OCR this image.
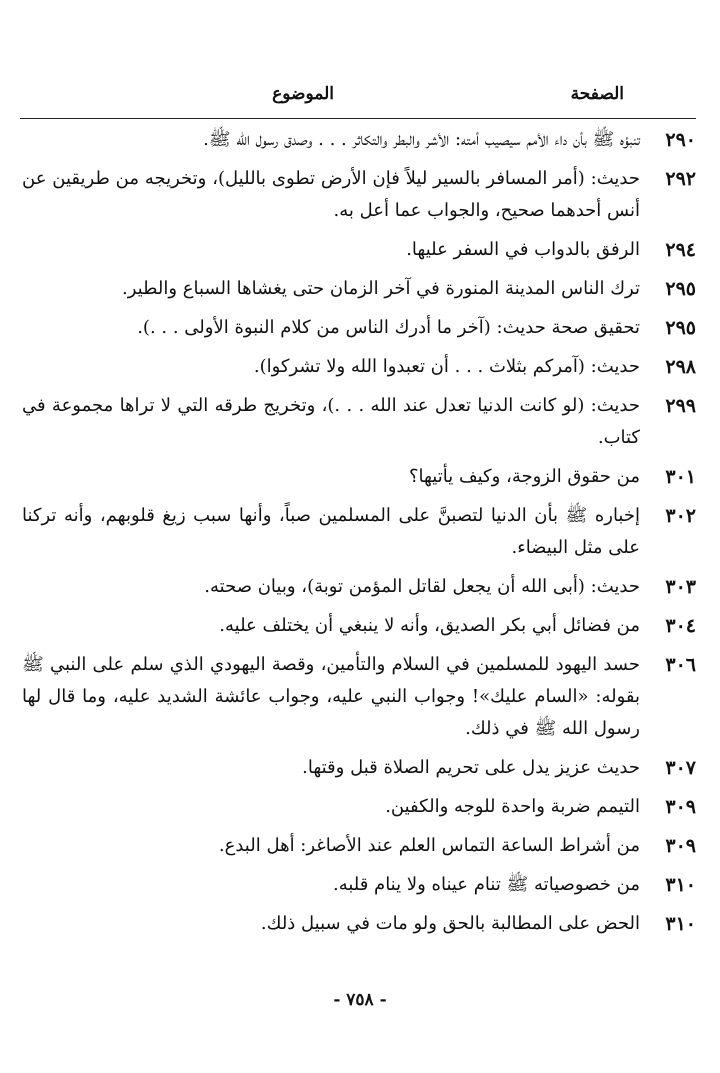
الصفحة
الموضوع
٢٩٠
تنبؤه ﷺ بأن داء الأمم سيصيب أمته: الأشر والبطر والتكاثر . . . وصدق رسول الله ﷺ.
٢٩٢
حديث: (أمر المسافر بالسير ليلاً فإن الأرض تطوى بالليل)، وتخريجه من طريقين عن أنس أحدهما صحيح، والجواب عما أعل به.
٢٩٤
الرفق بالدواب في السفر عليها.
٢٩٥
ترك الناس المدينة المنورة في آخر الزمان حتى يغشاها السباع والطير.
٢٩٥
تحقيق صحة حديث: (آخر ما أدرك الناس من كلام النبوة الأولى . . .).
٢٩٨
حديث: (آمركم بثلاث . . . أن تعبدوا الله ولا تشركوا).
٢٩٩
حديث: (لو كانت الدنيا تعدل عند الله . . .)، وتخريج طرقه التي لا تراها مجموعة في كتاب.
٣٠١
من حقوق الزوجة، وكيف يأتيها؟
٣٠٢
إخباره ﷺ بأن الدنيا لتصبنَّ على المسلمين صباً، وأنها سبب زيغ قلوبهم، وأنه تركنا على مثل البيضاء.
٣٠٣
حديث: (أبى الله أن يجعل لقاتل المؤمن توبة)، وبيان صحته.
٣٠٤
من فضائل أبي بكر الصديق، وأنه لا ينبغي أن يختلف عليه.
٣٠٦
حسد اليهود للمسلمين في السلام والتأمين، وقصة اليهودي الذي سلم على النبي ﷺ بقوله: «السام عليك»! وجواب النبي عليه، وجواب عائشة الشديد عليه، وما قال لها رسول الله ﷺ في ذلك.
٣٠٧
حديث عزيز يدل على تحريم الصلاة قبل وقتها.
٣٠٩
التيمم ضربة واحدة للوجه والكفين.
٣٠٩
من أشراط الساعة التماس العلم عند الأصاغر: أهل البدع.
٣١٠
من خصوصياته ﷺ تنام عيناه ولا ينام قلبه.
٣١٠
الحض على المطالبة بالحق ولو مات في سبيل ذلك.
- ٧٥٨ -
